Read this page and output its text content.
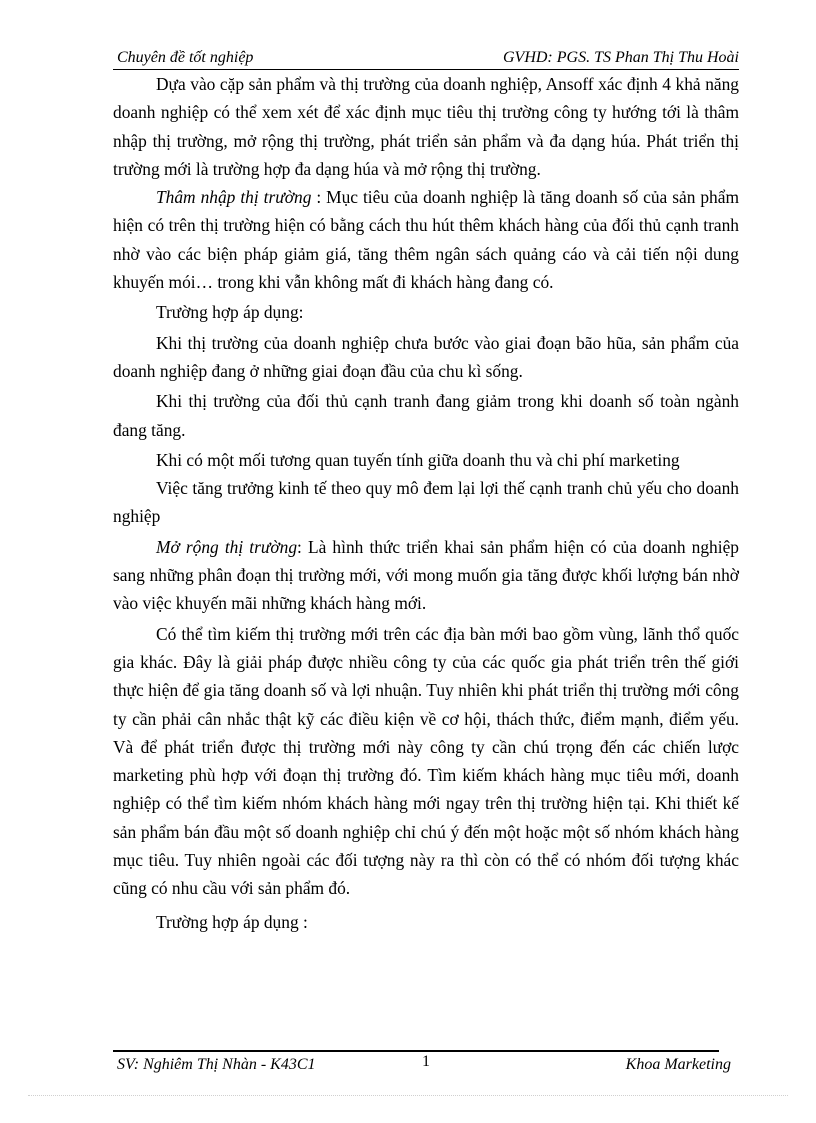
Chuyên đề tốt nghiệp	GVHD: PGS. TS Phan Thị Thu Hoài

Dựa vào cặp sản phẩm và thị trường của doanh nghiệp, Ansoff xác định 4 khả năng doanh nghiệp có thể xem xét để xác định mục tiêu thị trường công ty hướng tới là thâm nhập thị trường, mở rộng thị trường, phát triển sản phẩm và đa dạng húa. Phát triển thị trường mới là trường hợp đa dạng húa và mở rộng thị trường.

Thâm nhập thị trường : Mục tiêu của doanh nghiệp là tăng doanh số của sản phẩm hiện có trên thị trường hiện có bằng cách thu hút thêm khách hàng của đối thủ cạnh tranh nhờ vào các biện pháp giảm giá, tăng thêm ngân sách quảng cáo và cải tiến nội dung khuyến mói… trong khi vẫn không mất đi khách hàng đang có.

Trường hợp áp dụng:

Khi thị trường của doanh nghiệp chưa bước vào giai đoạn bão hũa, sản phẩm của doanh nghiệp đang ở những giai đoạn đầu của chu kì sống.

Khi thị trường của đối thủ cạnh tranh đang giảm trong khi doanh số toàn ngành đang tăng.

Khi có một mối tương quan tuyến tính giữa doanh thu và chi phí marketing

Việc tăng trưởng kinh tế theo quy mô đem lại lợi thế cạnh tranh chủ yếu cho doanh nghiệp

Mở rộng thị trường: Là hình thức triển khai sản phẩm hiện có của doanh nghiệp sang những phân đoạn thị trường mới, với mong muốn gia tăng được khối lượng bán nhờ vào việc khuyến mãi những khách hàng mới.

Có thể tìm kiếm thị trường mới trên các địa bàn mới bao gồm vùng, lãnh thổ quốc gia khác. Đây là giải pháp được nhiều công ty của các quốc gia phát triển trên thế giới thực hiện để gia tăng doanh số và lợi nhuận. Tuy nhiên khi phát triển thị trường mới công ty cần phải cân nhắc thật kỹ các điều kiện về cơ hội, thách thức, điểm mạnh, điểm yếu. Và để phát triển được thị trường mới này công ty cần chú trọng đến các chiến lược marketing phù hợp với đoạn thị trường đó. Tìm kiếm khách hàng mục tiêu mới, doanh nghiệp có thể tìm kiếm nhóm khách hàng mới ngay trên thị trường hiện tại. Khi thiết kế sản phẩm bán đầu một số doanh nghiệp chỉ chú ý đến một hoặc một số nhóm khách hàng mục tiêu. Tuy nhiên ngoài các đối tượng này ra thì còn có thể có nhóm đối tượng khác cũng có nhu cầu với sản phẩm đó.

Trường hợp áp dụng :

SV: Nghiêm Thị Nhàn - K43C1	1	Khoa Marketing
